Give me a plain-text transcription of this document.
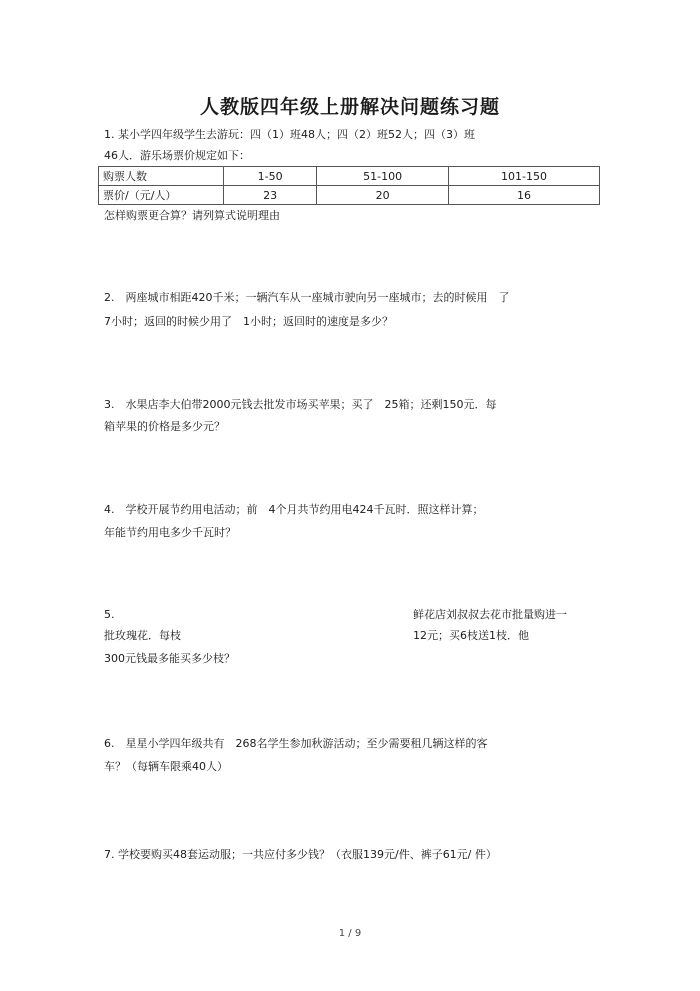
人教版四年级上册解决问题练习题
1. 某小学四年级学生去游玩：四（1）班48人；四（2）班52人；四（3）班
46人．游乐场票价规定如下：
购票人数	1-50	51-100	101-150
票价/（元/人）	23	20	16
怎样购票更合算？请列算式说明理由
2.　两座城市相距420千米；一辆汽车从一座城市驶向另一座城市；去的时候用　了
7小时；返回的时候少用了　1小时；返回时的速度是多少？
3.　水果店李大伯带2000元钱去批发市场买苹果；买了　25箱；还剩150元．每
箱苹果的价格是多少元？
4.　学校开展节约用电活动；前　4个月共节约用电424千瓦时．照这样计算；
年能节约用电多少千瓦时？
5.	鲜花店刘叔叔去花市批量购进一
批玫瑰花．每枝	12元；买6枝送1枝．他
300元钱最多能买多少枝？
6.　星星小学四年级共有　268名学生参加秋游活动；至少需要租几辆这样的客
车？（每辆车限乘40人）
7. 学校要购买48套运动服；一共应付多少钱？（衣服139元/件、裤子61元/ 件）
1 / 9
